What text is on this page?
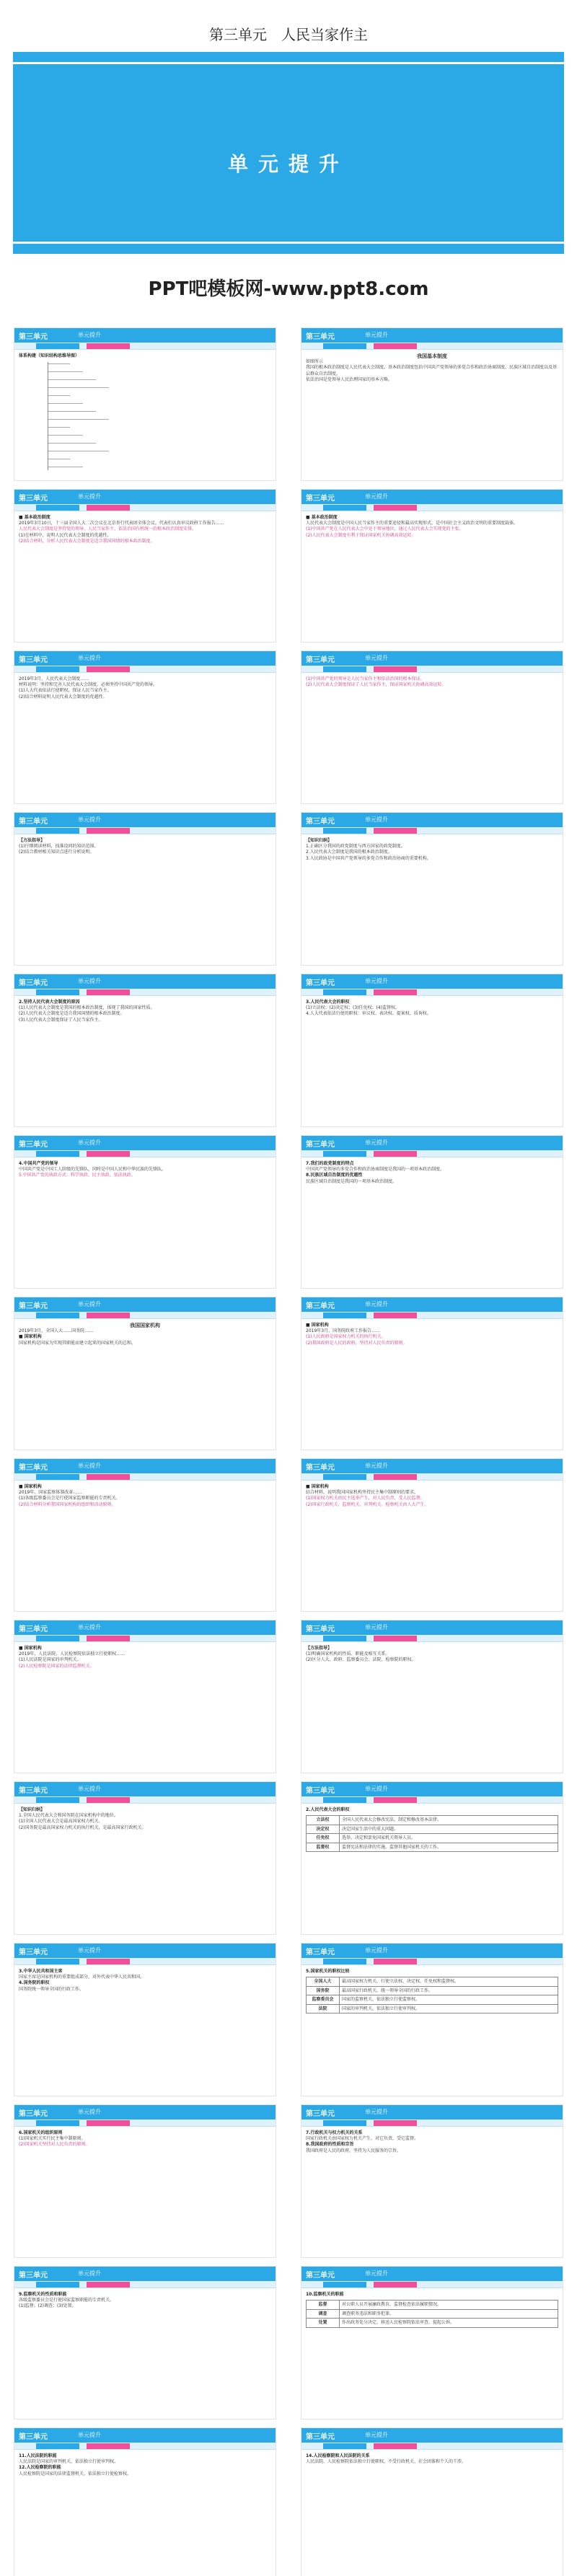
第三单元　人民当家作主
单元提升
PPT吧模板网-www.ppt8.com
第三单元	单元提升
体系构建（知识结构思维导图）
第三单元	单元提升
我国基本制度
如图所示
我国的根本政治制度是人民代表大会制度，基本政治制度包括中国共产党领导的多党合作和政治协商制度、民族区域自治制度以及基层群众自治制度。
依法治国是党领导人民治理国家的基本方略。
第三单元	单元提升
■ 基本政治制度
2019年3月10日，十三届全国人大二次会议在北京举行代表团全体会议。代表们认真审议政府工作报告……
人民代表大会制度是坚持党的领导、人民当家作主、依法治国有机统一的根本政治制度安排。
(1)在材料中，说明人民代表大会制度的优越性。
(2)结合材料，分析人民代表大会制度是适合我国国情的根本政治制度。
第三单元	单元提升
■ 基本政治制度
人民代表大会制度是中国人民当家作主的重要途径和最高实现形式，是中国社会主义政治文明的重要制度载体。
(1)中国共产党在人民代表大会中处于领导地位，通过人民代表大会实现党的主张。
(2)人民代表大会制度有利于保证国家机关协调高效运转。
第三单元	单元提升
2019年3月，人民代表大会制度……
材料说明：坚持和完善人民代表大会制度，必须坚持中国共产党的领导。
(1)人大代表依法行使职权，保证人民当家作主。
(2)结合材料说明人民代表大会制度的优越性。
第三单元	单元提升
(1)中国共产党的领导是人民当家作主和依法治国的根本保证。
(2)人民代表大会制度保证了人民当家作主，保证国家机关协调高效运转。
第三单元	单元提升
【方法指导】
(1)仔细阅读材料，找准设问的知识范围。
(2)结合教材相关知识点进行分析说明。
第三单元	单元提升
【知识归纳】
1.正确区分我国的政党制度与西方国家的政党制度。
2.人民代表大会制度是我国的根本政治制度。
3.人民政协是中国共产党领导的多党合作和政治协商的重要机构。
第三单元	单元提升
2.坚持人民代表大会制度的原因
(1)人民代表大会制度是我国的根本政治制度，体现了我国的国家性质。
(2)人民代表大会制度是适合我国国情的根本政治制度。
(3)人民代表大会制度保证了人民当家作主。
第三单元	单元提升
3.人民代表大会的职权
(1)立法权；(2)决定权；(3)任免权；(4)监督权。
4.人大代表依法行使的职权：审议权、表决权、提案权、质询权。
第三单元	单元提升
4.中国共产党的领导
中国共产党是中国工人阶级的先锋队，同时是中国人民和中华民族的先锋队。
5.中国共产党的执政方式：科学执政、民主执政、依法执政。
第三单元	单元提升
7.我们的政党制度的特点
中国共产党领导的多党合作和政治协商制度是我国的一项基本政治制度。
8.民族区域自治制度的优越性
民族区域自治制度是我国的一项基本政治制度。
第三单元	单元提升
我国国家机构
2019年3月，全国人大……国务院……
■ 国家机构
国家机构是国家为实现其职能而建立起来的国家机关的总和。
第三单元	单元提升
■ 国家机构
2019年3月，国务院政府工作报告……
(1)人民政府是国家权力机关的执行机关。
(2)我国政府是人民的政府，坚持对人民负责的原则。
第三单元	单元提升
■ 国家机构
2019年，国家监察体制改革……
(1)各级监察委员会是行使国家监察职能的专责机关。
(2)结合材料分析我国国家机构的组织和活动原则。
第三单元	单元提升
■ 国家机构
结合材料，说明我国国家机构坚持民主集中制原则的要求。
(1)国家权力机关由民主选举产生，对人民负责，受人民监督。
(2)国家行政机关、监察机关、审判机关、检察机关由人大产生。
第三单元	单元提升
■ 国家机构
2019年，人民法院、人民检察院依法独立行使职权……
(1)人民法院是国家的审判机关。
(2)人民检察院是国家的法律监督机关。
第三单元	单元提升
【方法指导】
(1)明确国家机构的性质、职能及相互关系。
(2)区分人大、政府、监察委员会、法院、检察院的职权。
第三单元	单元提升
【知识归纳】
1.全国人民代表大会和国务院在国家机构中的地位。
(1)全国人民代表大会是最高国家权力机关。
(2)国务院是最高国家权力机关的执行机关，是最高国家行政机关。
第三单元	单元提升
2.人民代表大会的职权
立法权	全国人民代表大会修改宪法，制定和修改基本法律。
决定权	决定国家生活中的重大问题。
任免权	选举、决定和罢免国家机关领导人员。
监督权	监督宪法和法律的实施，监督其他国家机关的工作。
第三单元	单元提升
3.中华人民共和国主席
国家主席是国家机构的重要组成部分，对外代表中华人民共和国。
4.国务院的职权
国务院统一领导全国的行政工作。
第三单元	单元提升
5.国家机关的职权比较
全国人大	最高国家权力机关，行使立法权、决定权、任免权和监督权。
国务院	最高国家行政机关，统一领导全国的行政工作。
监察委员会	国家的监察机关，依法独立行使监察权。
法院	国家的审判机关，依法独立行使审判权。
第三单元	单元提升
6.国家机关的组织原则
(1)国家机关实行民主集中制原则。
(2)国家机关坚持对人民负责的原则。
第三单元	单元提升
7.行政机关与权力机关的关系
国家行政机关由国家权力机关产生，对它负责，受它监督。
8.我国政府的性质和宗旨
我国政府是人民的政府，坚持为人民服务的宗旨。
第三单元	单元提升
9.监察机关的性质和职能
各级监察委员会是行使国家监察职能的专责机关。
(1)监督；(2)调查；(3)处置。
第三单元	单元提升
10.监察机关的职能
监督	对公职人员开展廉政教育，监督检查依法履职情况。
调查	调查职务违法和职务犯罪。
处置	作出政务处分决定，移送人民检察院依法审查、提起公诉。
第三单元	单元提升
11.人民法院的职能
人民法院是国家的审判机关，依法独立行使审判权。
12.人民检察院的职能
人民检察院是国家的法律监督机关，依法独立行使检察权。
第三单元	单元提升
14.人民检察院和人民法院的关系
人民法院、人民检察院依法独立行使职权，不受行政机关、社会团体和个人的干涉。
